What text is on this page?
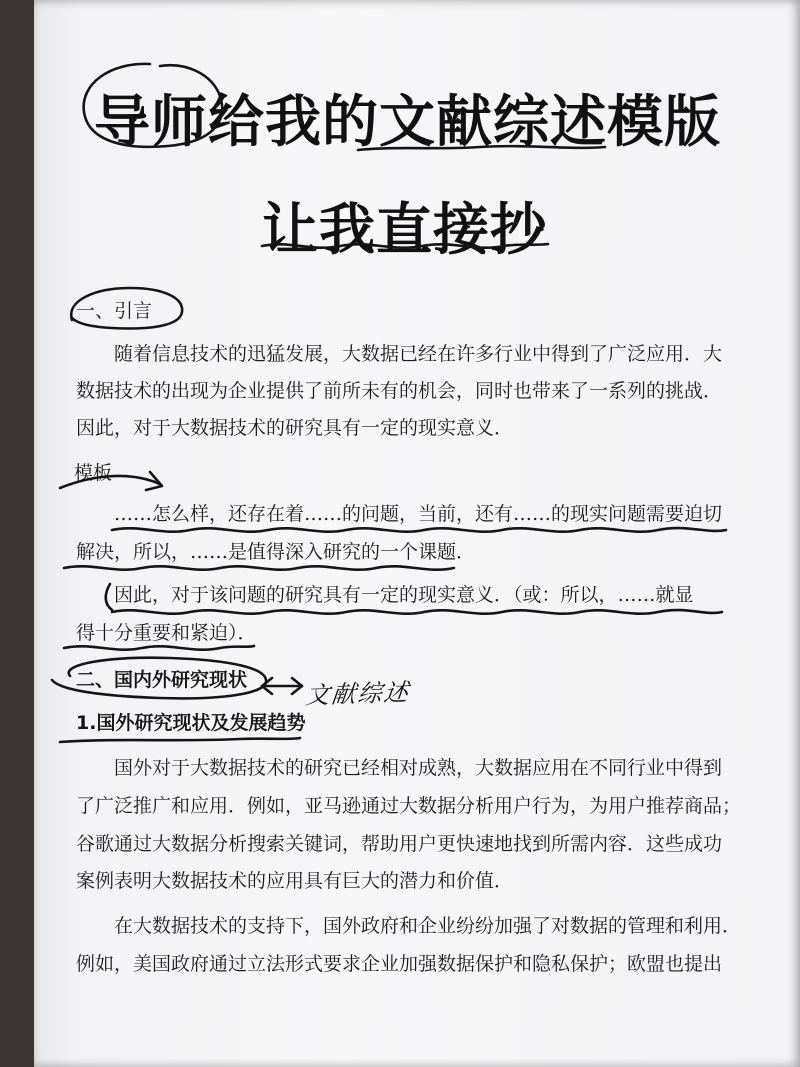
导师给我的文献综述模版
让我直接抄
一、引言
随着信息技术的迅猛发展，大数据已经在许多行业中得到了广泛应用．大
数据技术的出现为企业提供了前所未有的机会，同时也带来了一系列的挑战．
因此，对于大数据技术的研究具有一定的现实意义．
模板
……怎么样，还存在着……的问题，当前，还有……的现实问题需要迫切
解决，所以，……是值得深入研究的一个课题．
因此，对于该问题的研究具有一定的现实意义．（或：所以，……就显
得十分重要和紧迫）．
二、国内外研究现状 文献综述
1.国外研究现状及发展趋势
国外对于大数据技术的研究已经相对成熟，大数据应用在不同行业中得到
了广泛推广和应用．例如，亚马逊通过大数据分析用户行为，为用户推荐商品；
谷歌通过大数据分析搜索关键词，帮助用户更快速地找到所需内容．这些成功
案例表明大数据技术的应用具有巨大的潜力和价值．
在大数据技术的支持下，国外政府和企业纷纷加强了对数据的管理和利用．
例如，美国政府通过立法形式要求企业加强数据保护和隐私保护；欧盟也提出
